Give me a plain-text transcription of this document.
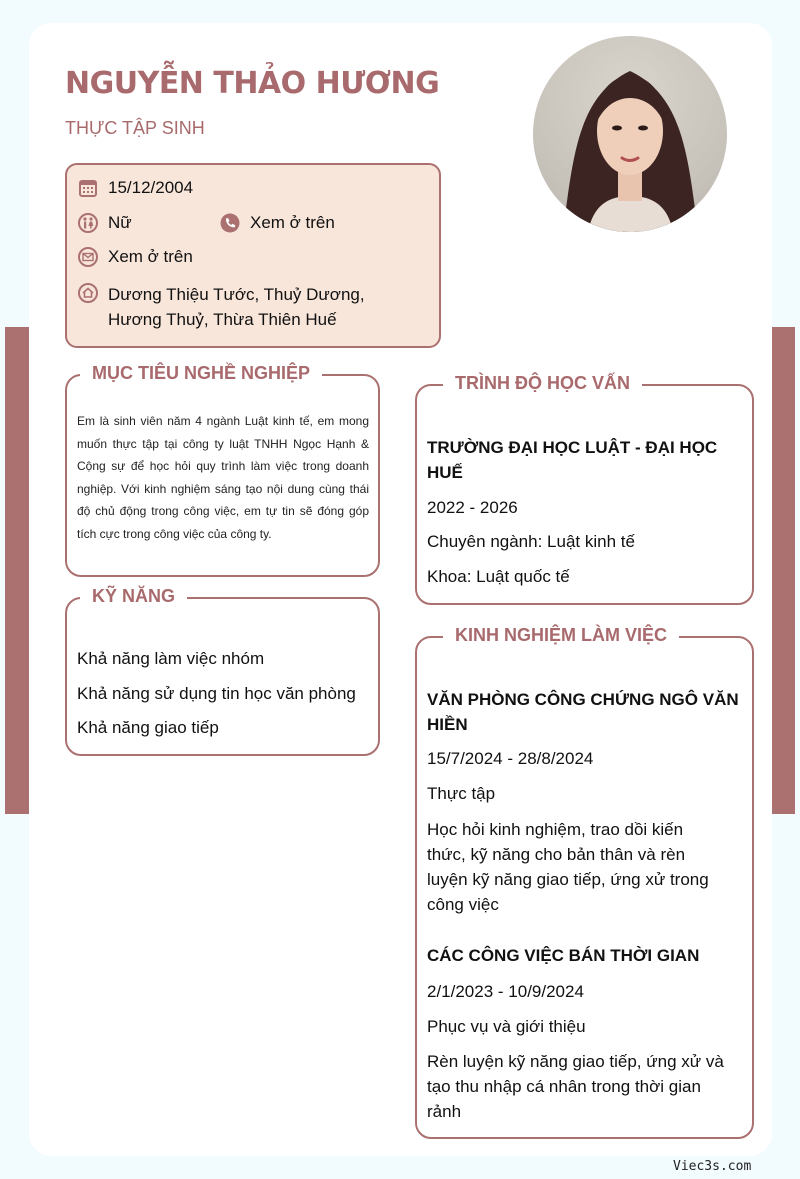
NGUYỄN THẢO HƯƠNG

THỰC TẬP SINH

15/12/2004
Nữ	Xem ở trên
Xem ở trên
Dương Thiệu Tước, Thuỷ Dương,
Hương Thuỷ, Thừa Thiên Huế
MỤC TIÊU NGHỀ NGHIỆP
Em là sinh viên năm 4 ngành Luật kinh tế, em mong muốn thực tập tại công ty luật TNHH Ngọc Hạnh & Cộng sự để học hỏi quy trình làm việc trong doanh nghiệp. Với kinh nghiệm sáng tạo nội dung cùng thái độ chủ động trong công việc, em tự tin sẽ đóng góp tích cực trong công việc của công ty.
KỸ NĂNG
Khả năng làm việc nhóm
Khả năng sử dụng tin học văn phòng
Khả năng giao tiếp
TRÌNH ĐỘ HỌC VẤN
TRƯỜNG ĐẠI HỌC LUẬT - ĐẠI HỌC
HUẾ
2022 - 2026
Chuyên ngành: Luật kinh tế
Khoa: Luật quốc tế
KINH NGHIỆM LÀM VIỆC
VĂN PHÒNG CÔNG CHỨNG NGÔ VĂN
HIỀN
15/7/2024 - 28/8/2024
Thực tập
Học hỏi kinh nghiệm, trao dồi kiến
thức, kỹ năng cho bản thân và rèn
luyện kỹ năng giao tiếp, ứng xử trong
công việc
CÁC CÔNG VIỆC BÁN THỜI GIAN
2/1/2023 - 10/9/2024
Phục vụ và giới thiệu
Rèn luyện kỹ năng giao tiếp, ứng xử và
tạo thu nhập cá nhân trong thời gian
rảnh
Viec3s.com
